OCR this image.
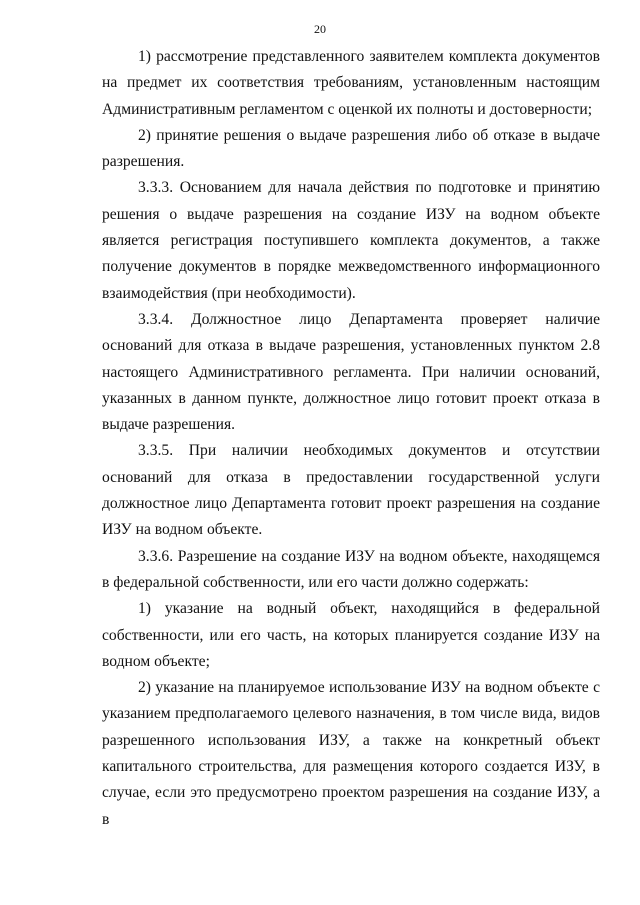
20

1) рассмотрение представленного заявителем комплекта документов на предмет их соответствия требованиям, установленным настоящим Административным регламентом с оценкой их полноты и достоверности;

2) принятие решения о выдаче разрешения либо об отказе в выдаче разрешения.

3.3.3. Основанием для начала действия по подготовке и принятию решения о выдаче разрешения на создание ИЗУ на водном объекте является регистрация поступившего комплекта документов, а также получение документов в порядке межведомственного информационного взаимодействия (при необходимости).

3.3.4. Должностное лицо Департамента проверяет наличие оснований для отказа в выдаче разрешения, установленных пунктом 2.8 настоящего Административного регламента. При наличии оснований, указанных в данном пункте, должностное лицо готовит проект отказа в выдаче разрешения.

3.3.5. При наличии необходимых документов и отсутствии оснований для отказа в предоставлении государственной услуги должностное лицо Департамента готовит проект разрешения на создание ИЗУ на водном объекте.

3.3.6. Разрешение на создание ИЗУ на водном объекте, находящемся в федеральной собственности, или его части должно содержать:

1) указание на водный объект, находящийся в федеральной собственности, или его часть, на которых планируется создание ИЗУ на водном объекте;

2) указание на планируемое использование ИЗУ на водном объекте с указанием предполагаемого целевого назначения, в том числе вида, видов разрешенного использования ИЗУ, а также на конкретный объект капитального строительства, для размещения которого создается ИЗУ, в случае, если это предусмотрено проектом разрешения на создание ИЗУ, а в
